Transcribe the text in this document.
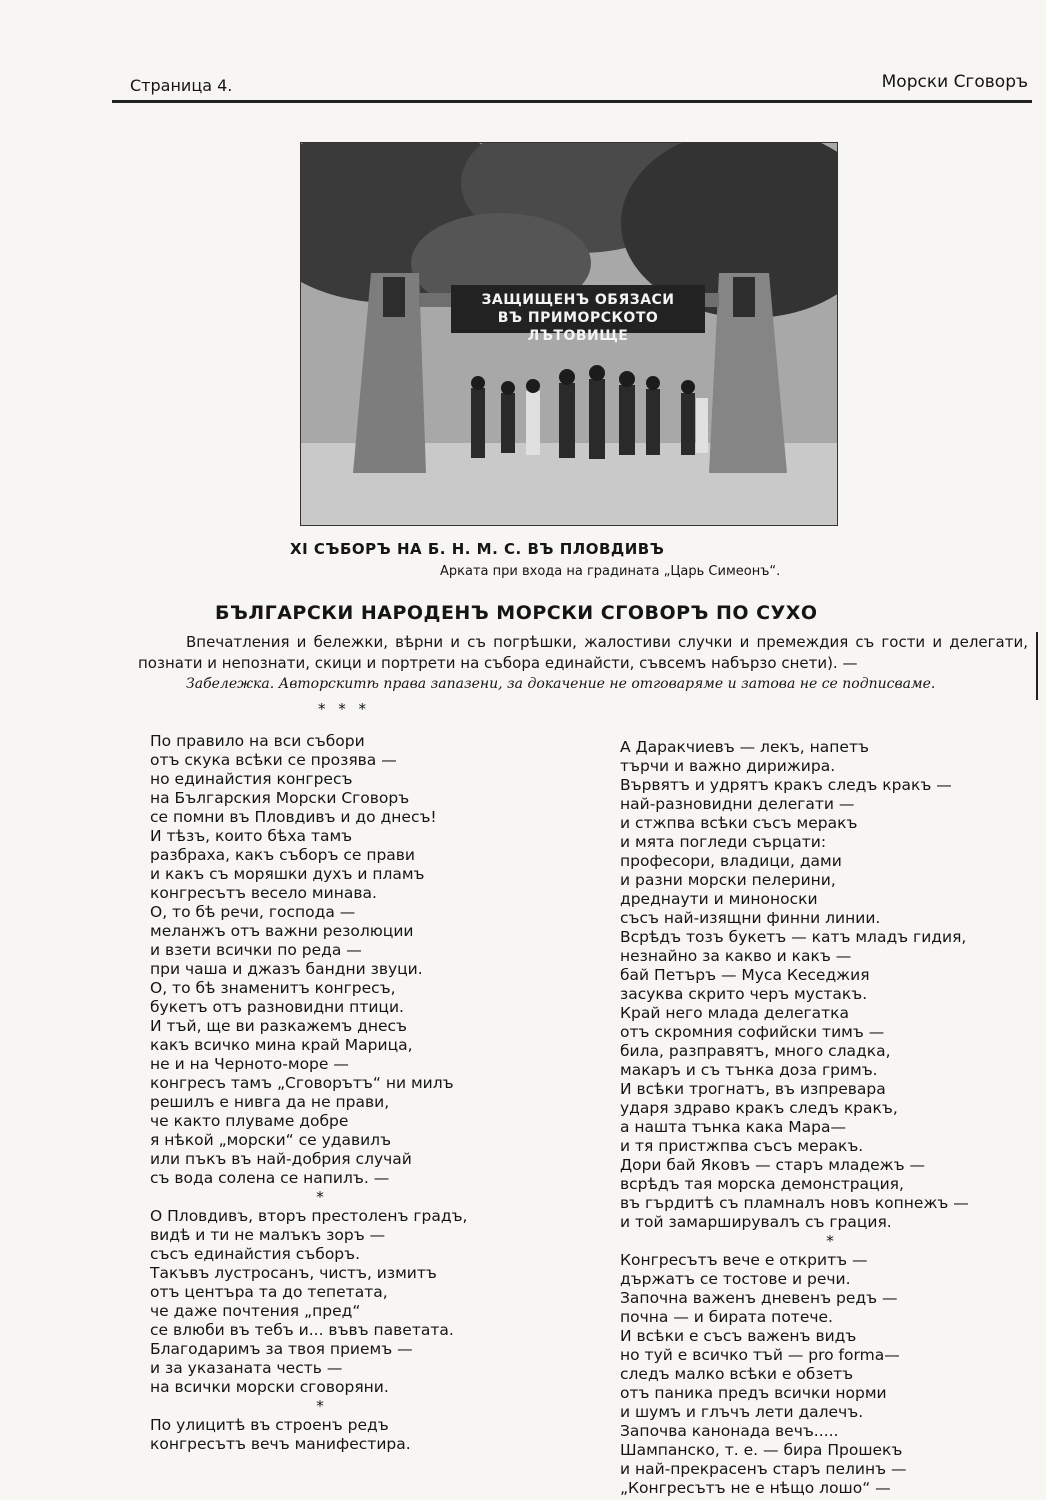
Страница 4.	Морски Сговоръ
ЗАЩИЩЕНЪ ОБЯЗАСИ
ВЪ ПРИМОРСКОТО ЛЪТОВИЩЕ
XI СЪБОРЪ НА Б. Н. М. С. ВЪ ПЛОВДИВЪ
Арката при входа на градината „Царь Симеонъ“.
БЪЛГАРСКИ НАРОДЕНЪ МОРСКИ СГОВОРЪ ПО СУХО
Впечатления и бележки, вѣрни и съ погрѣшки, жалостиви случки и премеждия съ гости и делегати, познати и непознати, скици и портрети на събора единайсти, съвсемъ набързо снети). —
Забележка. Авторскитѣ права запазени, за докачение не отговаряме и затова не се подписваме.
* * *
По правило на вси събори
отъ скука всѣки се прозява —
но единайстия конгресъ
на Българския Морски Сговоръ
се помни въ Пловдивъ и до днесъ!
И тѣзъ, които бѣха тамъ
разбраха, какъ съборъ се прави
и какъ съ моряшки духъ и пламъ
конгресътъ весело минава.
О, то бѣ речи, господа —
меланжъ отъ важни резолюции
и взети всички по реда —
при чаша и джазъ бандни звуци.
О, то бѣ знаменитъ конгресъ,
букетъ отъ разновидни птици.
И тъй, ще ви разкажемъ днесъ
какъ всичко мина край Марица,
не и на Черното-море —
конгресъ тамъ „Сговорътъ“ ни милъ
решилъ е нивга да не прави,
че както плуваме добре
я нѣкой „морски“ се удавилъ
или пъкъ въ най-добрия случай
съ вода солена се напилъ. —
*
О Пловдивъ, вторъ престоленъ градъ,
видѣ и ти не малъкъ зоръ —
съсъ единайстия съборъ.
Такъвъ лустросанъ, чистъ, измитъ
отъ центъра та до тепетата,
че даже почтения „пред“
се влюби въ тебъ и... въвъ паветата.
Благодаримъ за твоя приемъ —
и за указаната честь —
на всички морски сговоряни.
*
По улицитѣ въ строенъ редъ
конгресътъ вечъ манифестира.
А Даракчиевъ — лекъ, напетъ
търчи и важно дирижира.
Вървятъ и удрятъ кракъ следъ кракъ —
най-разновидни делегати —
и стжпва всѣки съсъ меракъ
и мята погледи сърцати:
професори, владици, дами
и разни морски пелерини,
дреднаути и миноноски
съсъ най-изящни финни линии.
Всрѣдъ тозъ букетъ — катъ младъ гидия,
незнайно за какво и какъ —
бай Петъръ — Муса Кеседжия
засуква скрито черъ мустакъ.
Край него млада делегатка
отъ скромния софийски тимъ —
била, разправятъ, много сладка,
макаръ и съ тънка доза гримъ.
И всѣки трогнатъ, въ изпревара
ударя здраво кракъ следъ кракъ,
а нашта тънка кака Мара—
и тя пристжпва съсъ меракъ.
Дори бай Яковъ — старъ младежъ —
всрѣдъ тая морска демонстрация,
въ гърдитѣ съ пламналъ новъ копнежъ —
и той замарширувалъ съ грация.
*
Конгресътъ вече е откритъ —
държатъ се тостове и речи.
Започна важенъ дневенъ редъ —
почна — и бирата потече.
И всѣки е съсъ важенъ видъ
но туй е всичко тъй — pro forma—
следъ малко всѣки е обзетъ
отъ паника предъ всички норми
и шумъ и глъчъ лети далечъ.
Започва канонада вечъ.....
Шампанско, т. е. — бира Прошекъ
и най-прекрасенъ старъ пелинъ —
„Конгресътъ не е нѣщо лошо“ —
